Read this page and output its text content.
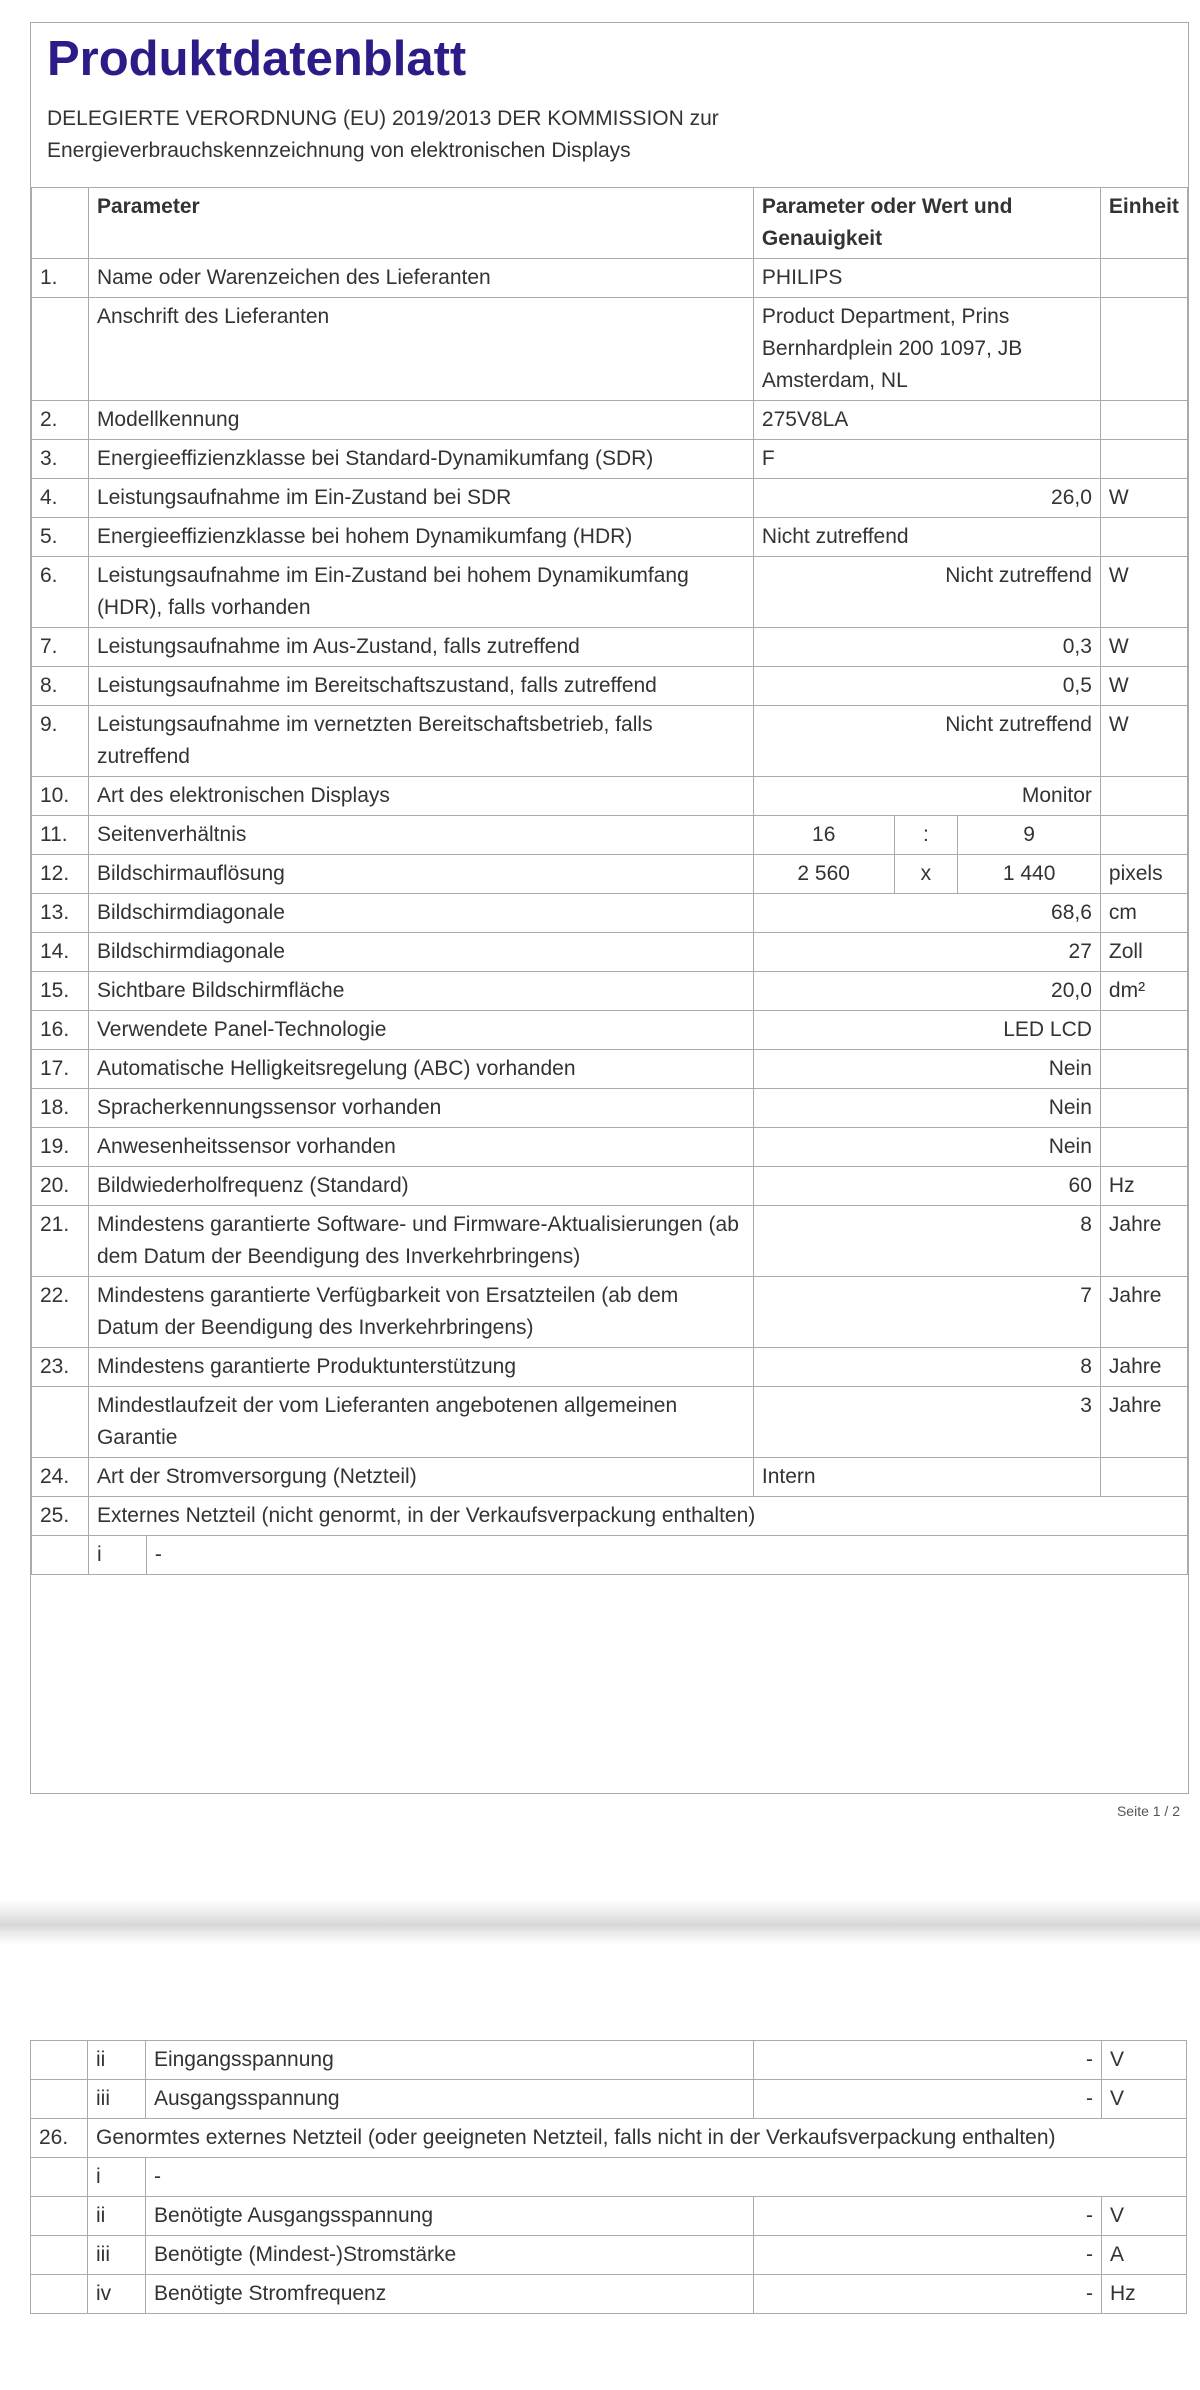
Produktdatenblatt
DELEGIERTE VERORDNUNG (EU) 2019/2013 DER KOMMISSION zur
Energieverbrauchskennzeichnung von elektronischen Displays
	Parameter		Parameter oder Wert und Genauigkeit			Einheit
1.	Name oder Warenzeichen des Lieferanten		PHILIPS			
	Anschrift des Lieferanten		Product Department, Prins Bernhardplein 200 1097, JB Amsterdam, NL			
2.	Modellkennung		275V8LA			
3.	Energieeffizienzklasse bei Standard-Dynamikumfang (SDR)		F			
4.	Leistungsaufnahme im Ein-Zustand bei SDR		26,0			W
5.	Energieeffizienzklasse bei hohem Dynamikumfang (HDR)		Nicht zutreffend			
6.	Leistungsaufnahme im Ein-Zustand bei hohem Dynamikumfang (HDR), falls vorhanden		Nicht zutreffend			W
7.	Leistungsaufnahme im Aus-Zustand, falls zutreffend		0,3			W
8.	Leistungsaufnahme im Bereitschaftszustand, falls zutreffend		0,5			W
9.	Leistungsaufnahme im vernetzten Bereitschaftsbetrieb, falls zutreffend		Nicht zutreffend			W
10.	Art des elektronischen Displays		Monitor			
11.	Seitenverhältnis		16	:	9	
12.	Bildschirmauflösung		2 560	x	1 440	pixels
13.	Bildschirmdiagonale		68,6			cm
14.	Bildschirmdiagonale		27			Zoll
15.	Sichtbare Bildschirmfläche		20,0			dm²
16.	Verwendete Panel-Technologie		LED LCD			
17.	Automatische Helligkeitsregelung (ABC) vorhanden		Nein			
18.	Spracherkennungssensor vorhanden		Nein			
19.	Anwesenheitssensor vorhanden		Nein			
20.	Bildwiederholfrequenz (Standard)		60			Hz
21.	Mindestens garantierte Software- und Firmware-Aktualisierungen (ab dem Datum der Beendigung des Inverkehrbringens)		8			Jahre
22.	Mindestens garantierte Verfügbarkeit von Ersatzteilen (ab dem Datum der Beendigung des Inverkehrbringens)		7			Jahre
23.	Mindestens garantierte Produktunterstützung		8			Jahre
	Mindestlaufzeit der vom Lieferanten angebotenen allgemeinen Garantie		3			Jahre
24.	Art der Stromversorgung (Netzteil)		Intern			
25.	Externes Netzteil (nicht genormt, in der Verkaufsverpackung enthalten)					
	i	-				
Seite 1 / 2
	ii	Eingangsspannung	-	V
	iii	Ausgangsspannung	-	V
26.	Genormtes externes Netzteil (oder geeigneten Netzteil, falls nicht in der Verkaufsverpackung enthalten)			
	i	-		
	ii	Benötigte Ausgangsspannung	-	V
	iii	Benötigte (Mindest-)Stromstärke	-	A
	iv	Benötigte Stromfrequenz	-	Hz
